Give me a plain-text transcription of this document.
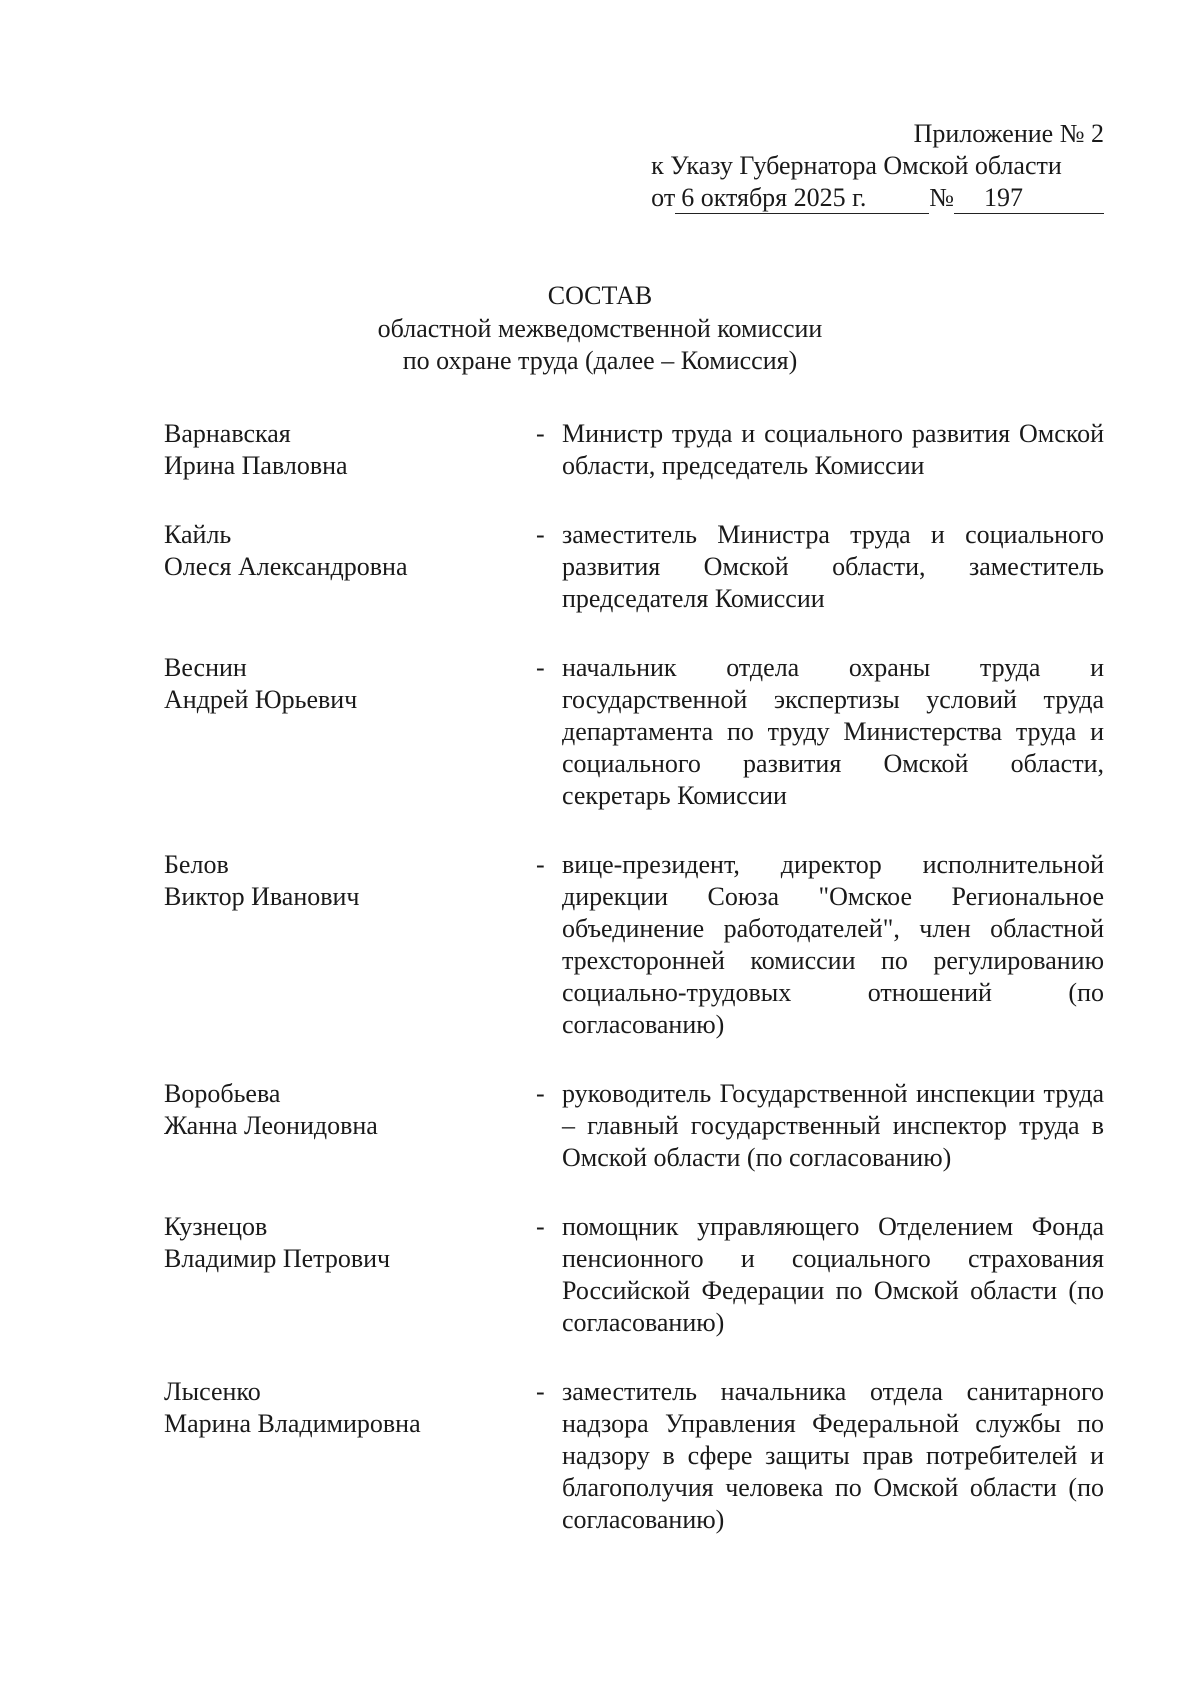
Приложение № 2
к Указу Губернатора Омской области
от 6 октября 2025 г. № 197
СОСТАВ
областной межведомственной комиссии
по охране труда (далее – Комиссия)
Варнавская
Ирина Павловна
- Министр труда и социального развития Омской области, председатель Комиссии
Кайль
Олеся Александровна
- заместитель Министра труда и социального развития Омской области, заместитель председателя Комиссии
Веснин
Андрей Юрьевич
- начальник отдела охраны труда и государственной экспертизы условий труда департамента по труду Министерства труда и социального развития Омской области, секретарь Комиссии
Белов
Виктор Иванович
- вице-президент, директор исполнительной дирекции Союза "Омское Региональное объединение работодателей", член областной трехсторонней комиссии по регулированию социально-трудовых отношений (по согласованию)
Воробьева
Жанна Леонидовна
- руководитель Государственной инспекции труда – главный государственный инспектор труда в Омской области (по согласованию)
Кузнецов
Владимир Петрович
- помощник управляющего Отделением Фонда пенсионного и социального страхования Российской Федерации по Омской области (по согласованию)
Лысенко
Марина Владимировна
- заместитель начальника отдела санитарного надзора Управления Федеральной службы по надзору в сфере защиты прав потребителей и благополучия человека по Омской области (по согласованию)
